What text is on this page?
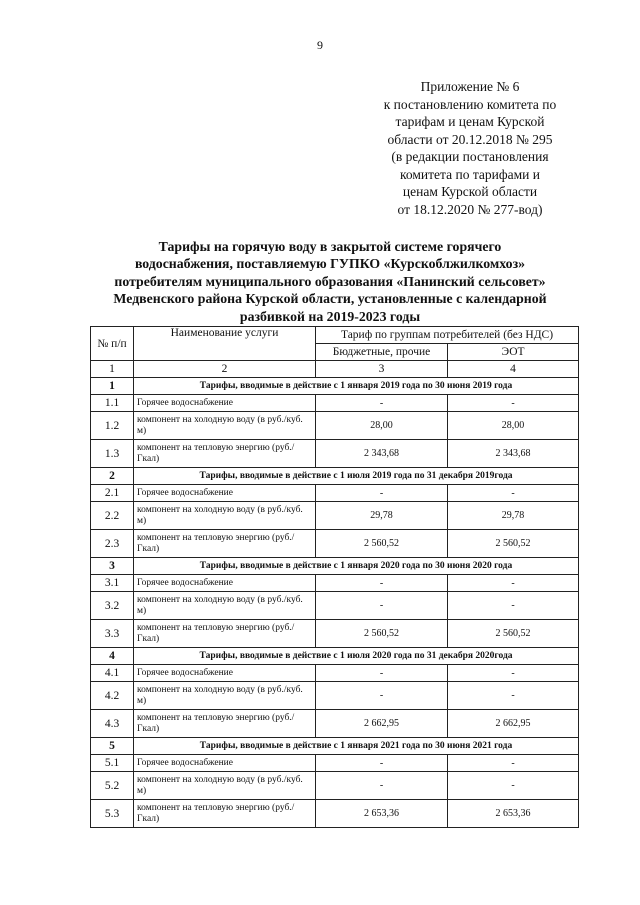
9
Приложение № 6
к постановлению комитета по
тарифам и ценам Курской
области от 20.12.2018 № 295
(в редакции постановления
комитета по тарифами и
ценам Курской области
от 18.12.2020 № 277-вод)
Тарифы на горячую воду в закрытой системе горячего
водоснабжения, поставляемую ГУПКО «Курскоблжилкомхоз»
потребителям муниципального образования «Панинский сельсовет»
Медвенского района Курской области, установленные с календарной
разбивкой на 2019-2023 годы
№ п/п	Наименование услуги	Тариф по группам потребителей (без НДС)	
		Бюджетные, прочие	ЭОТ
1	2	3	4
1	Тарифы, вводимые в действие с 1 января 2019 года по 30 июня 2019 года		
1.1	Горячее водоснабжение	-	-
1.2	компонент на холодную воду (в руб./куб. м)	28,00	28,00
1.3	компонент на тепловую энергию (руб./Гкал)	2 343,68	2 343,68
2	Тарифы, вводимые в действие с 1 июля 2019 года по 31 декабря 2019года		
2.1	Горячее водоснабжение	-	-
2.2	компонент на холодную воду (в руб./куб. м)	29,78	29,78
2.3	компонент на тепловую энергию (руб./Гкал)	2 560,52	2 560,52
3	Тарифы, вводимые в действие с 1 января 2020 года по 30 июня 2020 года		
3.1	Горячее водоснабжение	-	-
3.2	компонент на холодную воду (в руб./куб. м)	-	-
3.3	компонент на тепловую энергию (руб./Гкал)	2 560,52	2 560,52
4	Тарифы, вводимые в действие с 1 июля 2020 года по 31 декабря 2020года		
4.1	Горячее водоснабжение	-	-
4.2	компонент на холодную воду (в руб./куб. м)	-	-
4.3	компонент на тепловую энергию (руб./Гкал)	2 662,95	2 662,95
5	Тарифы, вводимые в действие с 1 января 2021 года по 30 июня 2021 года		
5.1	Горячее водоснабжение	-	-
5.2	компонент на холодную воду (в руб./куб. м)	-	-
5.3	компонент на тепловую энергию (руб./Гкал)	2 653,36	2 653,36
